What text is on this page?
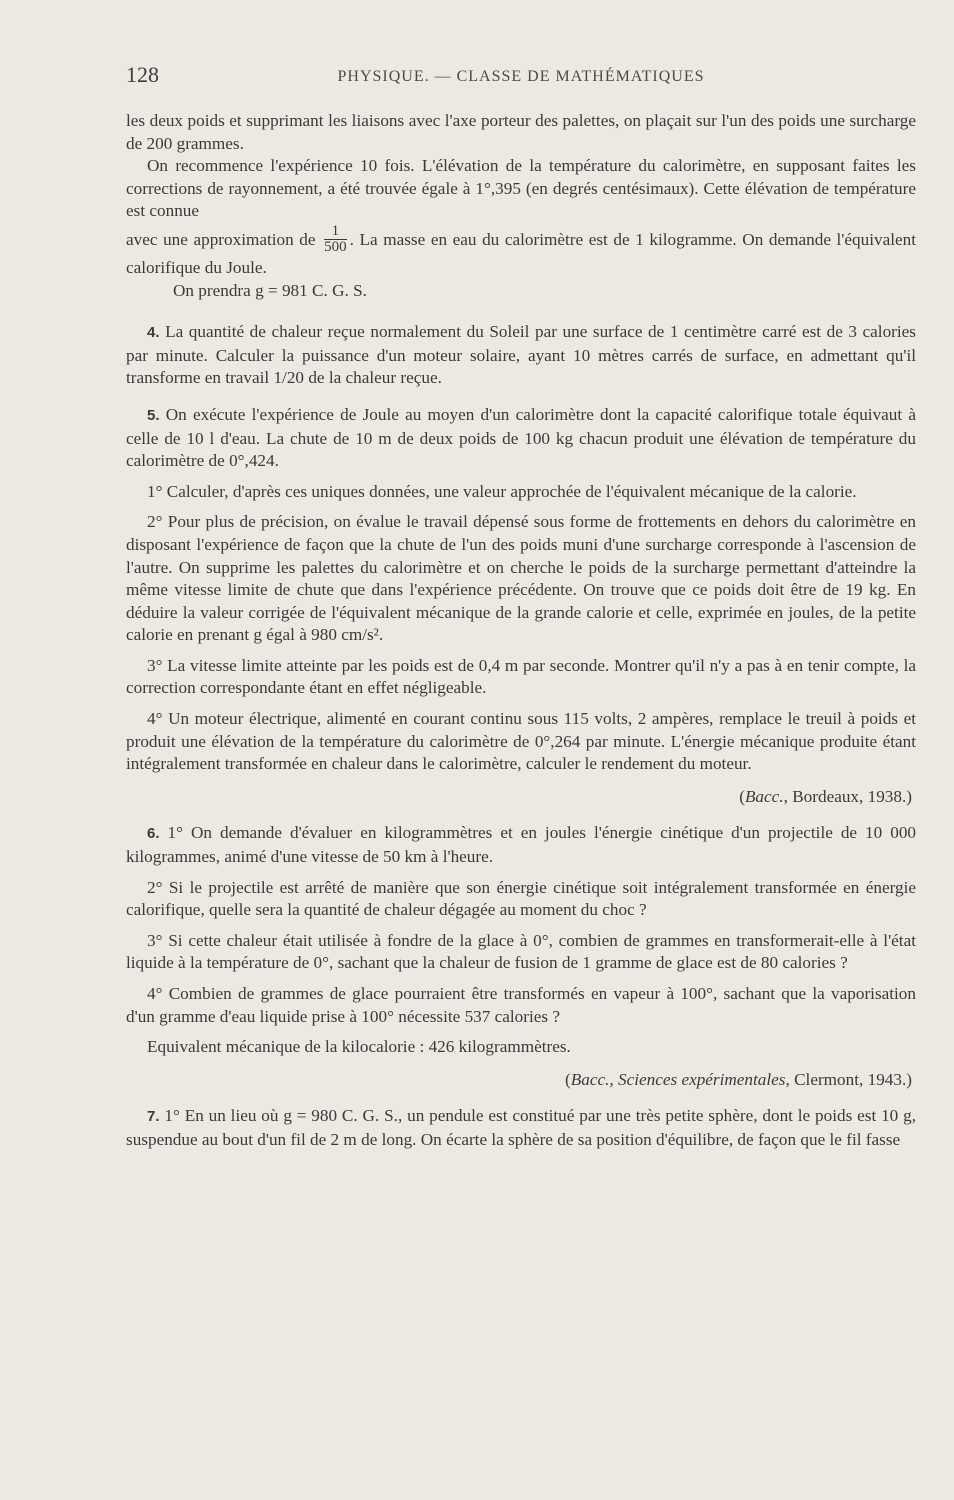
128	PHYSIQUE. — CLASSE DE MATHÉMATIQUES

les deux poids et supprimant les liaisons avec l'axe porteur des palettes, on plaçait sur l'un des poids une surcharge de 200 grammes.

On recommence l'expérience 10 fois. L'élévation de la température du calorimètre, en supposant faites les corrections de rayonnement, a été trouvée égale à 1°,395 (en degrés centésimaux). Cette élévation de température est connue

avec une approximation de $\frac{1}{500}$ . La masse en eau du calorimètre est de 1 kilogramme. On demande l'équivalent calorifique du Joule.

On prendra g = 981 C. G. S.

4. La quantité de chaleur reçue normalement du Soleil par une surface de 1 centimètre carré est de 3 calories par minute. Calculer la puissance d'un moteur solaire, ayant 10 mètres carrés de surface, en admettant qu'il transforme en travail 1/20 de la chaleur reçue.

5. On exécute l'expérience de Joule au moyen d'un calorimètre dont la capacité calorifique totale équivaut à celle de 10 l d'eau. La chute de 10 m de deux poids de 100 kg chacun produit une élévation de température du calorimètre de 0°,424.

1° Calculer, d'après ces uniques données, une valeur approchée de l'équivalent mécanique de la calorie.

2° Pour plus de précision, on évalue le travail dépensé sous forme de frottements en dehors du calorimètre en disposant l'expérience de façon que la chute de l'un des poids muni d'une surcharge corresponde à l'ascension de l'autre. On supprime les palettes du calorimètre et on cherche le poids de la surcharge permettant d'atteindre la même vitesse limite de chute que dans l'expérience précédente. On trouve que ce poids doit être de 19 kg. En déduire la valeur corrigée de l'équivalent mécanique de la grande calorie et celle, exprimée en joules, de la petite calorie en prenant g égal à 980 cm/s².

3° La vitesse limite atteinte par les poids est de 0,4 m par seconde. Montrer qu'il n'y a pas à en tenir compte, la correction correspondante étant en effet négligeable.

4° Un moteur électrique, alimenté en courant continu sous 115 volts, 2 ampères, remplace le treuil à poids et produit une élévation de la température du calorimètre de 0°,264 par minute. L'énergie mécanique produite étant intégralement transformée en chaleur dans le calorimètre, calculer le rendement du moteur.

(Bacc., Bordeaux, 1938.)

6. 1° On demande d'évaluer en kilogrammètres et en joules l'énergie cinétique d'un projectile de 10 000 kilogrammes, animé d'une vitesse de 50 km à l'heure.

2° Si le projectile est arrêté de manière que son énergie cinétique soit intégralement transformée en énergie calorifique, quelle sera la quantité de chaleur dégagée au moment du choc ?

3° Si cette chaleur était utilisée à fondre de la glace à 0°, combien de grammes en transformerait-elle à l'état liquide à la température de 0°, sachant que la chaleur de fusion de 1 gramme de glace est de 80 calories ?

4° Combien de grammes de glace pourraient être transformés en vapeur à 100°, sachant que la vaporisation d'un gramme d'eau liquide prise à 100° nécessite 537 calories ?

Equivalent mécanique de la kilocalorie : 426 kilogrammètres.

(Bacc., Sciences expérimentales, Clermont, 1943.)

7. 1° En un lieu où g = 980 C. G. S., un pendule est constitué par une très petite sphère, dont le poids est 10 g, suspendue au bout d'un fil de 2 m de long. On écarte la sphère de sa position d'équilibre, de façon que le fil fasse
